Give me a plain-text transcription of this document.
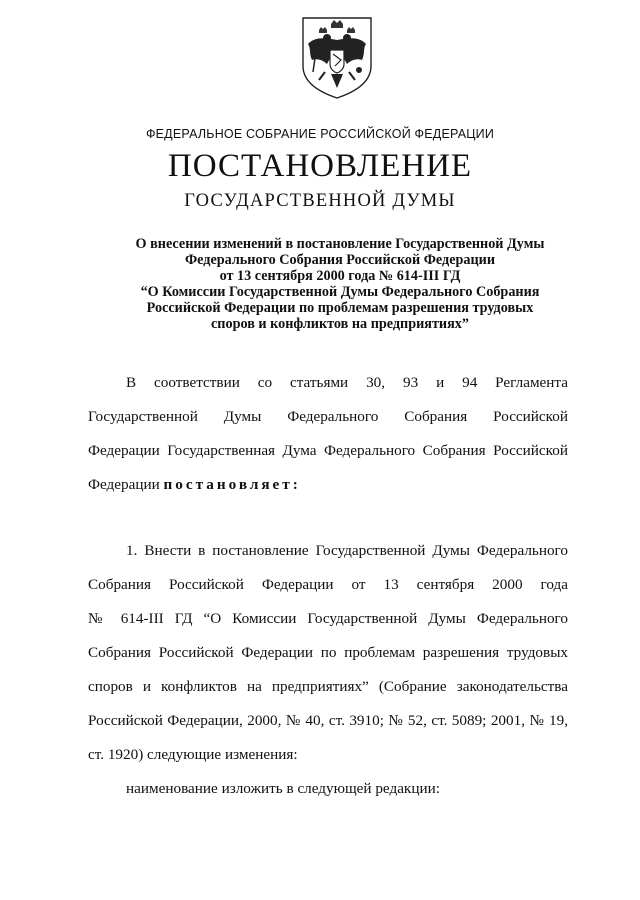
ФЕДЕРАЛЬНОЕ СОБРАНИЕ РОССИЙСКОЙ ФЕДЕРАЦИИ
ПОСТАНОВЛЕНИЕ
ГОСУДАРСТВЕННОЙ ДУМЫ
О внесении изменений в постановление Государственной Думы
Федерального Собрания Российской Федерации
от 13 сентября 2000 года № 614-III ГД
“О Комиссии Государственной Думы Федерального Собрания
Российской Федерации по проблемам разрешения трудовых
споров и конфликтов на предприятиях”
В соответствии со статьями 30, 93 и 94 Регламента
Государственной Думы Федерального Собрания Российской
Федерации Государственная Дума Федерального Собрания Российской
Федерации постановляет:
1. Внести в постановление Государственной Думы Федерального
Собрания Российской Федерации от 13 сентября 2000 года
№ 614-III ГД “О Комиссии Государственной Думы Федерального
Собрания Российской Федерации по проблемам разрешения трудовых
споров и конфликтов на предприятиях” (Собрание законодательства
Российской Федерации, 2000, № 40, ст. 3910; № 52, ст. 5089; 2001, № 19,
ст. 1920) следующие изменения:
наименование изложить в следующей редакции:
